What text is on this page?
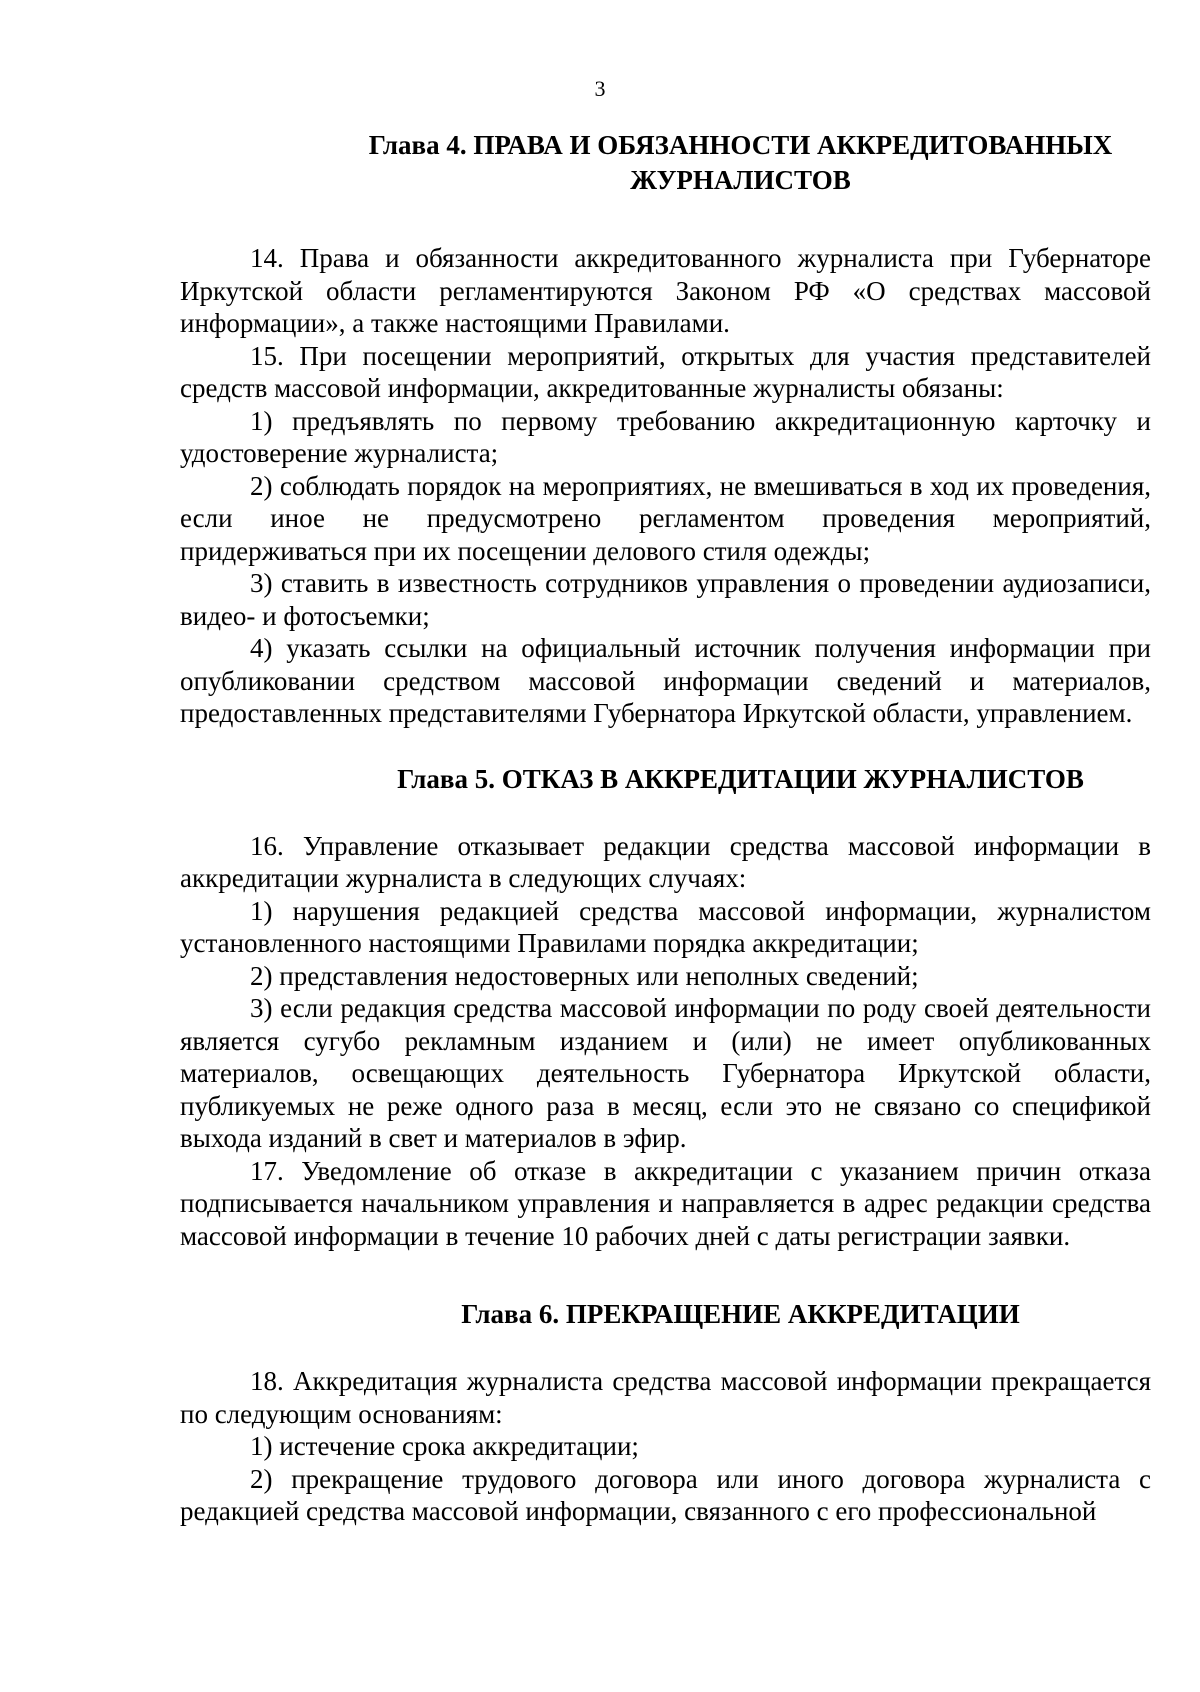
3
Глава 4. ПРАВА И ОБЯЗАННОСТИ АККРЕДИТОВАННЫХ ЖУРНАЛИСТОВ

14. Права и обязанности аккредитованного журналиста при Губернаторе Иркутской области регламентируются Законом РФ «О средствах массовой информации», а также настоящими Правилами.

15. При посещении мероприятий, открытых для участия представителей средств массовой информации, аккредитованные журналисты обязаны:

1) предъявлять по первому требованию аккредитационную карточку и удостоверение журналиста;

2) соблюдать порядок на мероприятиях, не вмешиваться в ход их проведения, если иное не предусмотрено регламентом проведения мероприятий, придерживаться при их посещении делового стиля одежды;

3) ставить в известность сотрудников управления о проведении аудиозаписи, видео- и фотосъемки;

4) указать ссылки на официальный источник получения информации при опубликовании средством массовой информации сведений и материалов, предоставленных представителями Губернатора Иркутской области, управлением.

Глава 5. ОТКАЗ В АККРЕДИТАЦИИ ЖУРНАЛИСТОВ

16. Управление отказывает редакции средства массовой информации в аккредитации журналиста в следующих случаях:

1) нарушения редакцией средства массовой информации, журналистом установленного настоящими Правилами порядка аккредитации;

2) представления недостоверных или неполных сведений;

3) если редакция средства массовой информации по роду своей деятельности является сугубо рекламным изданием и (или) не имеет опубликованных материалов, освещающих деятельность Губернатора Иркутской области, публикуемых не реже одного раза в месяц, если это не связано со спецификой выхода изданий в свет и материалов в эфир.

17. Уведомление об отказе в аккредитации с указанием причин отказа подписывается начальником управления и направляется в адрес редакции средства массовой информации в течение 10 рабочих дней с даты регистрации заявки.

Глава 6. ПРЕКРАЩЕНИЕ АККРЕДИТАЦИИ

18. Аккредитация журналиста средства массовой информации прекращается по следующим основаниям:

1) истечение срока аккредитации;

2) прекращение трудового договора или иного договора журналиста с редакцией средства массовой информации, связанного с его профессиональной
